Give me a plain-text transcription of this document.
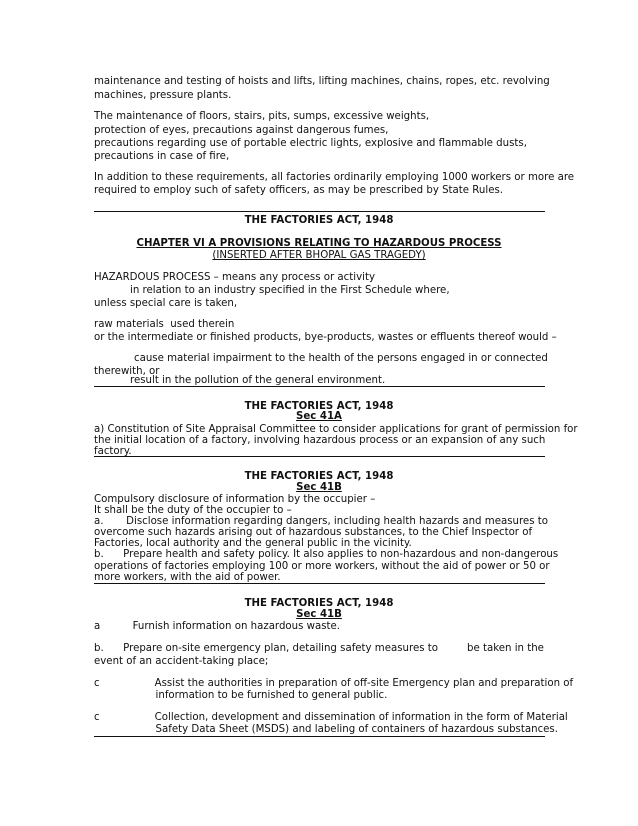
maintenance and testing of hoists and lifts, lifting machines, chains, ropes, etc. revolving
machines, pressure plants.
The maintenance of floors, stairs, pits, sumps, excessive weights,
protection of eyes, precautions against dangerous fumes,
precautions regarding use of portable electric lights, explosive and flammable dusts,
precautions in case of fire,
In addition to these requirements, all factories ordinarily employing 1000 workers or more are
required to employ such of safety officers, as may be prescribed by State Rules.
THE FACTORIES ACT, 1948
CHAPTER VI A PROVISIONS RELATING TO HAZARDOUS PROCESS
(INSERTED AFTER BHOPAL GAS TRAGEDY)
HAZARDOUS PROCESS – means any process or activity
in relation to an industry specified in the First Schedule where,
unless special care is taken,
raw materials  used therein
or the intermediate or finished products, bye-products, wastes or effluents thereof would –
cause material impairment to the health of the persons engaged in or connected
therewith, or
result in the pollution of the general environment.
THE FACTORIES ACT, 1948
Sec 41A
a) Constitution of Site Appraisal Committee to consider applications for grant of permission for
the initial location of a factory, involving hazardous process or an expansion of any such
factory.
THE FACTORIES ACT, 1948
Sec 41B
Compulsory disclosure of information by the occupier –
It shall be the duty of the occupier to –
a.       Disclose information regarding dangers, including health hazards and measures to
overcome such hazards arising out of hazardous substances, to the Chief Inspector of
Factories, local authority and the general public in the vicinity.
b.      Prepare health and safety policy. It also applies to non-hazardous and non-dangerous
operations of factories employing 100 or more workers, without the aid of power or 50 or
more workers, with the aid of power.
THE FACTORIES ACT, 1948
Sec 41B
a          Furnish information on hazardous waste.
b.      Prepare on-site emergency plan, detailing safety measures to	be taken in the
event of an accident-taking place;
c                 Assist the authorities in preparation of off-site Emergency plan and preparation of
information to be furnished to general public.
c                 Collection, development and dissemination of information in the form of Material
Safety Data Sheet (MSDS) and labeling of containers of hazardous substances.
